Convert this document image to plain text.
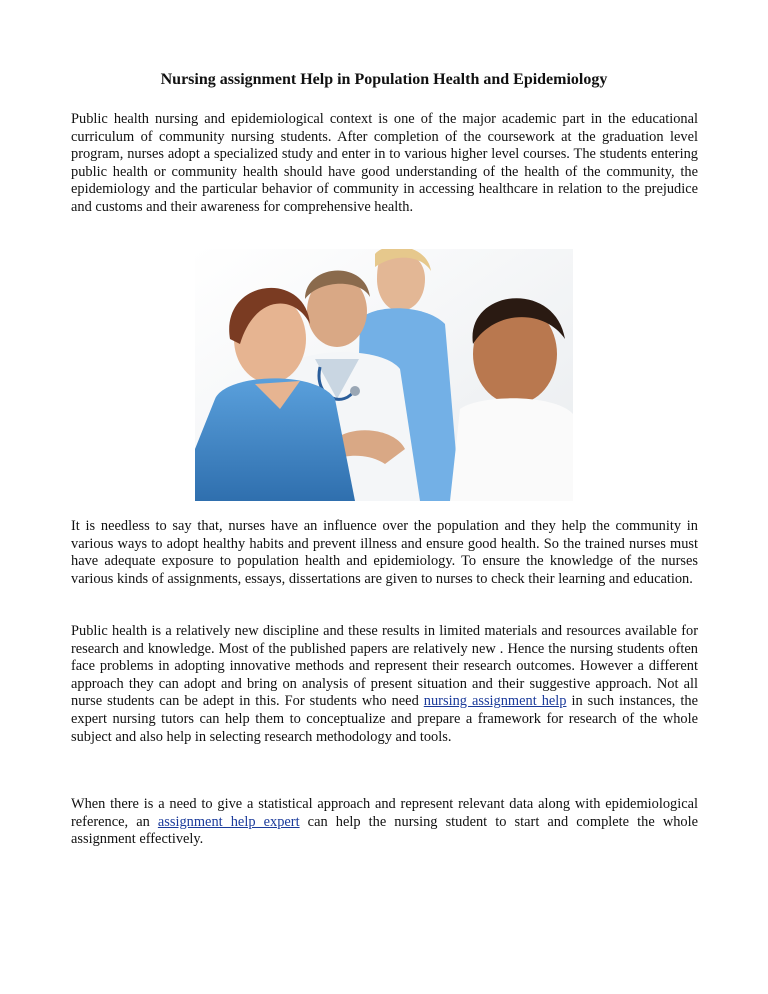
Nursing assignment Help in Population Health and Epidemiology

Public health nursing and epidemiological context is one of the major academic part in the educational curriculum of community nursing students. After completion of the coursework at the graduation level program, nurses adopt a specialized study and enter in to various higher level courses. The students entering public health or community health should have good understanding of the health of the community, the epidemiology and the particular behavior of community in accessing healthcare in relation to the prejudice and customs and their awareness for comprehensive health.

It is needless to say that, nurses have an influence over the population and they help the community in various ways to adopt healthy habits and prevent illness and ensure good health. So the trained nurses must have adequate exposure to population health and epidemiology. To ensure the knowledge of the nurses various kinds of assignments, essays, dissertations are given to nurses to check their learning and education.

Public health is a relatively new discipline and these results in limited materials and resources available for research and knowledge. Most of the published papers are relatively new . Hence the nursing students often face problems in adopting innovative methods and represent their research outcomes. However a different approach they can adopt and bring on analysis of present situation and their suggestive approach. Not all nurse students can be adept in this. For students who need nursing assignment help in such instances, the expert nursing tutors can help them to conceptualize and prepare a framework for research of the whole subject and also help in selecting research methodology and tools.

When there is a need to give a statistical approach and represent relevant data along with epidemiological reference, an assignment help expert can help the nursing student to start and complete the whole assignment effectively.
